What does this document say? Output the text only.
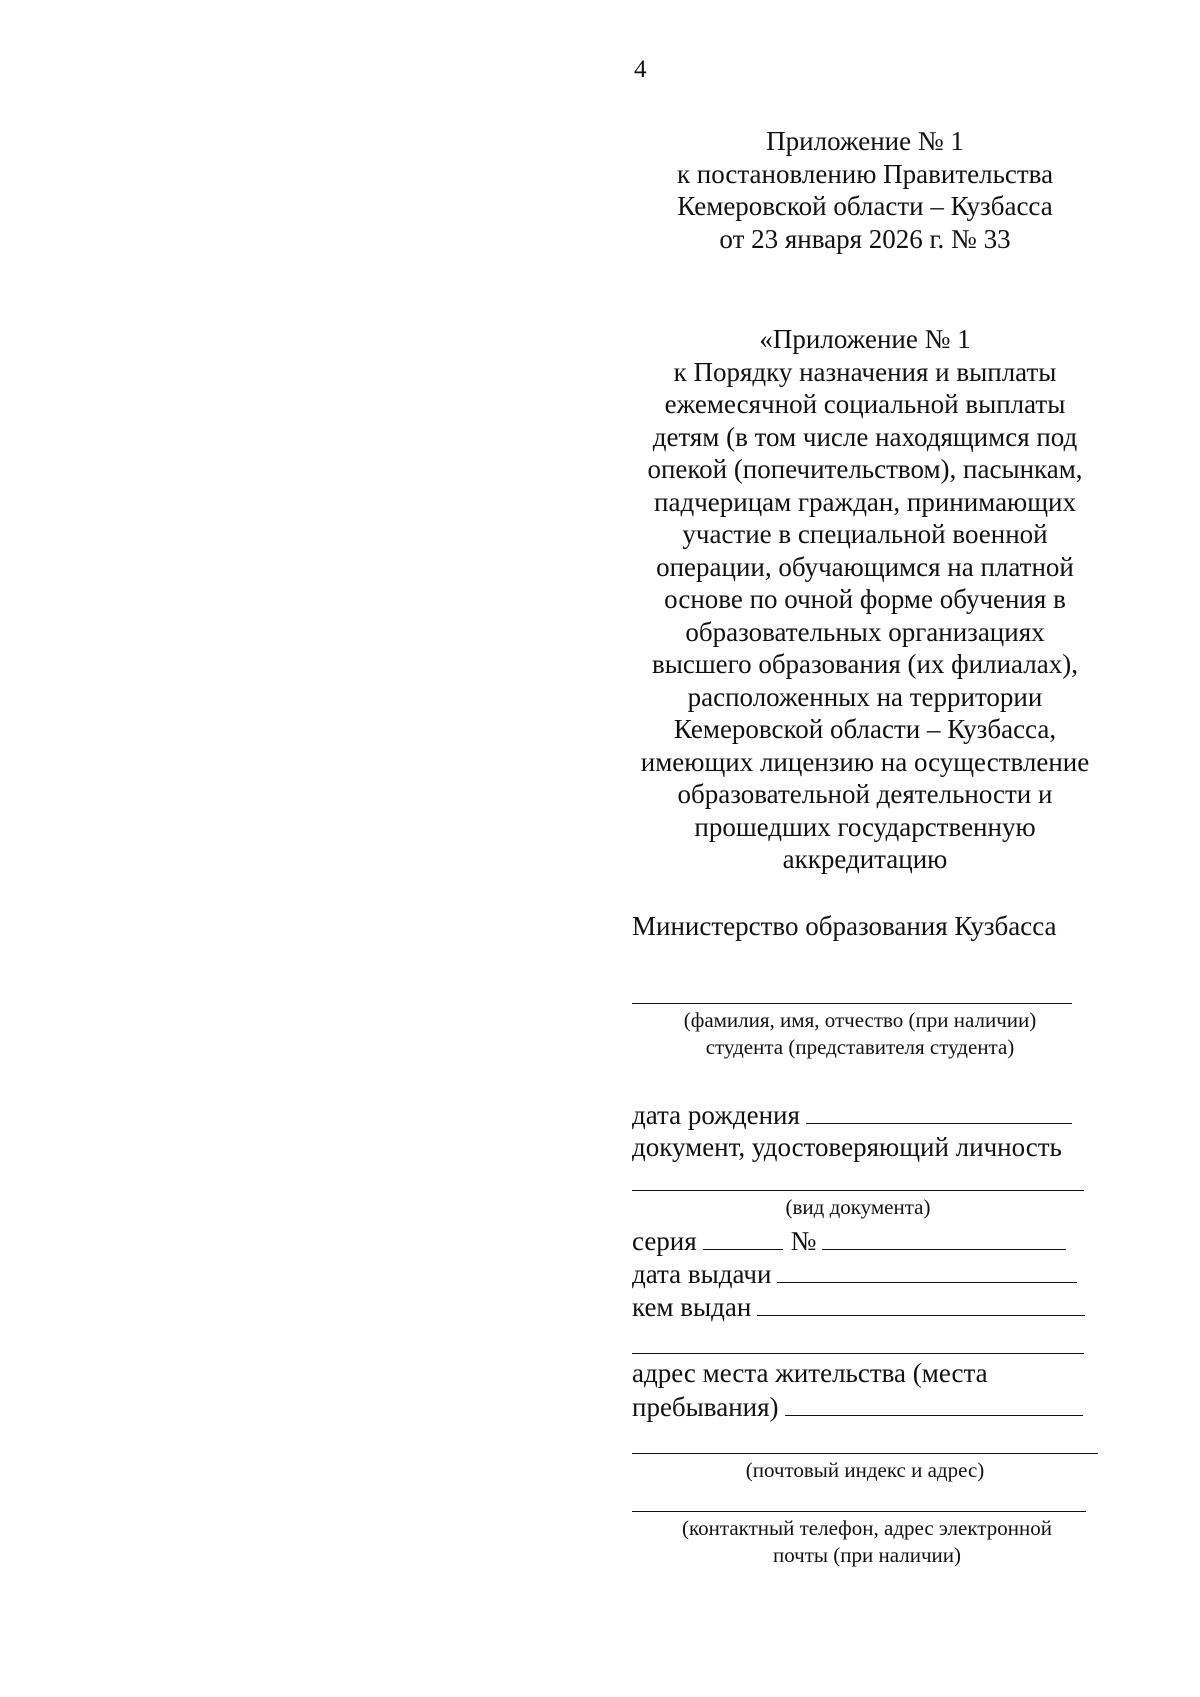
4
Приложение № 1
к постановлению Правительства
Кемеровской области – Кузбасса
от 23 января 2026 г. № 33
«Приложение № 1
к Порядку назначения и выплаты
ежемесячной социальной выплаты
детям (в том числе находящимся под
опекой (попечительством), пасынкам,
падчерицам граждан, принимающих
участие в специальной военной
операции, обучающимся на платной
основе по очной форме обучения в
образовательных организациях
высшего образования (их филиалах),
расположенных на территории
Кемеровской области – Кузбасса,
имеющих лицензию на осуществление
образовательной деятельности и
прошедших государственную
аккредитацию
Министерство образования Кузбасса
(фамилия, имя, отчество (при наличии)
студента (представителя студента)
дата рождения
документ, удостоверяющий личность
(вид документа)
серия	№
дата выдачи
кем выдан
адрес места жительства (места
пребывания)
(почтовый индекс и адрес)
(контактный телефон, адрес электронной
почты (при наличии)
